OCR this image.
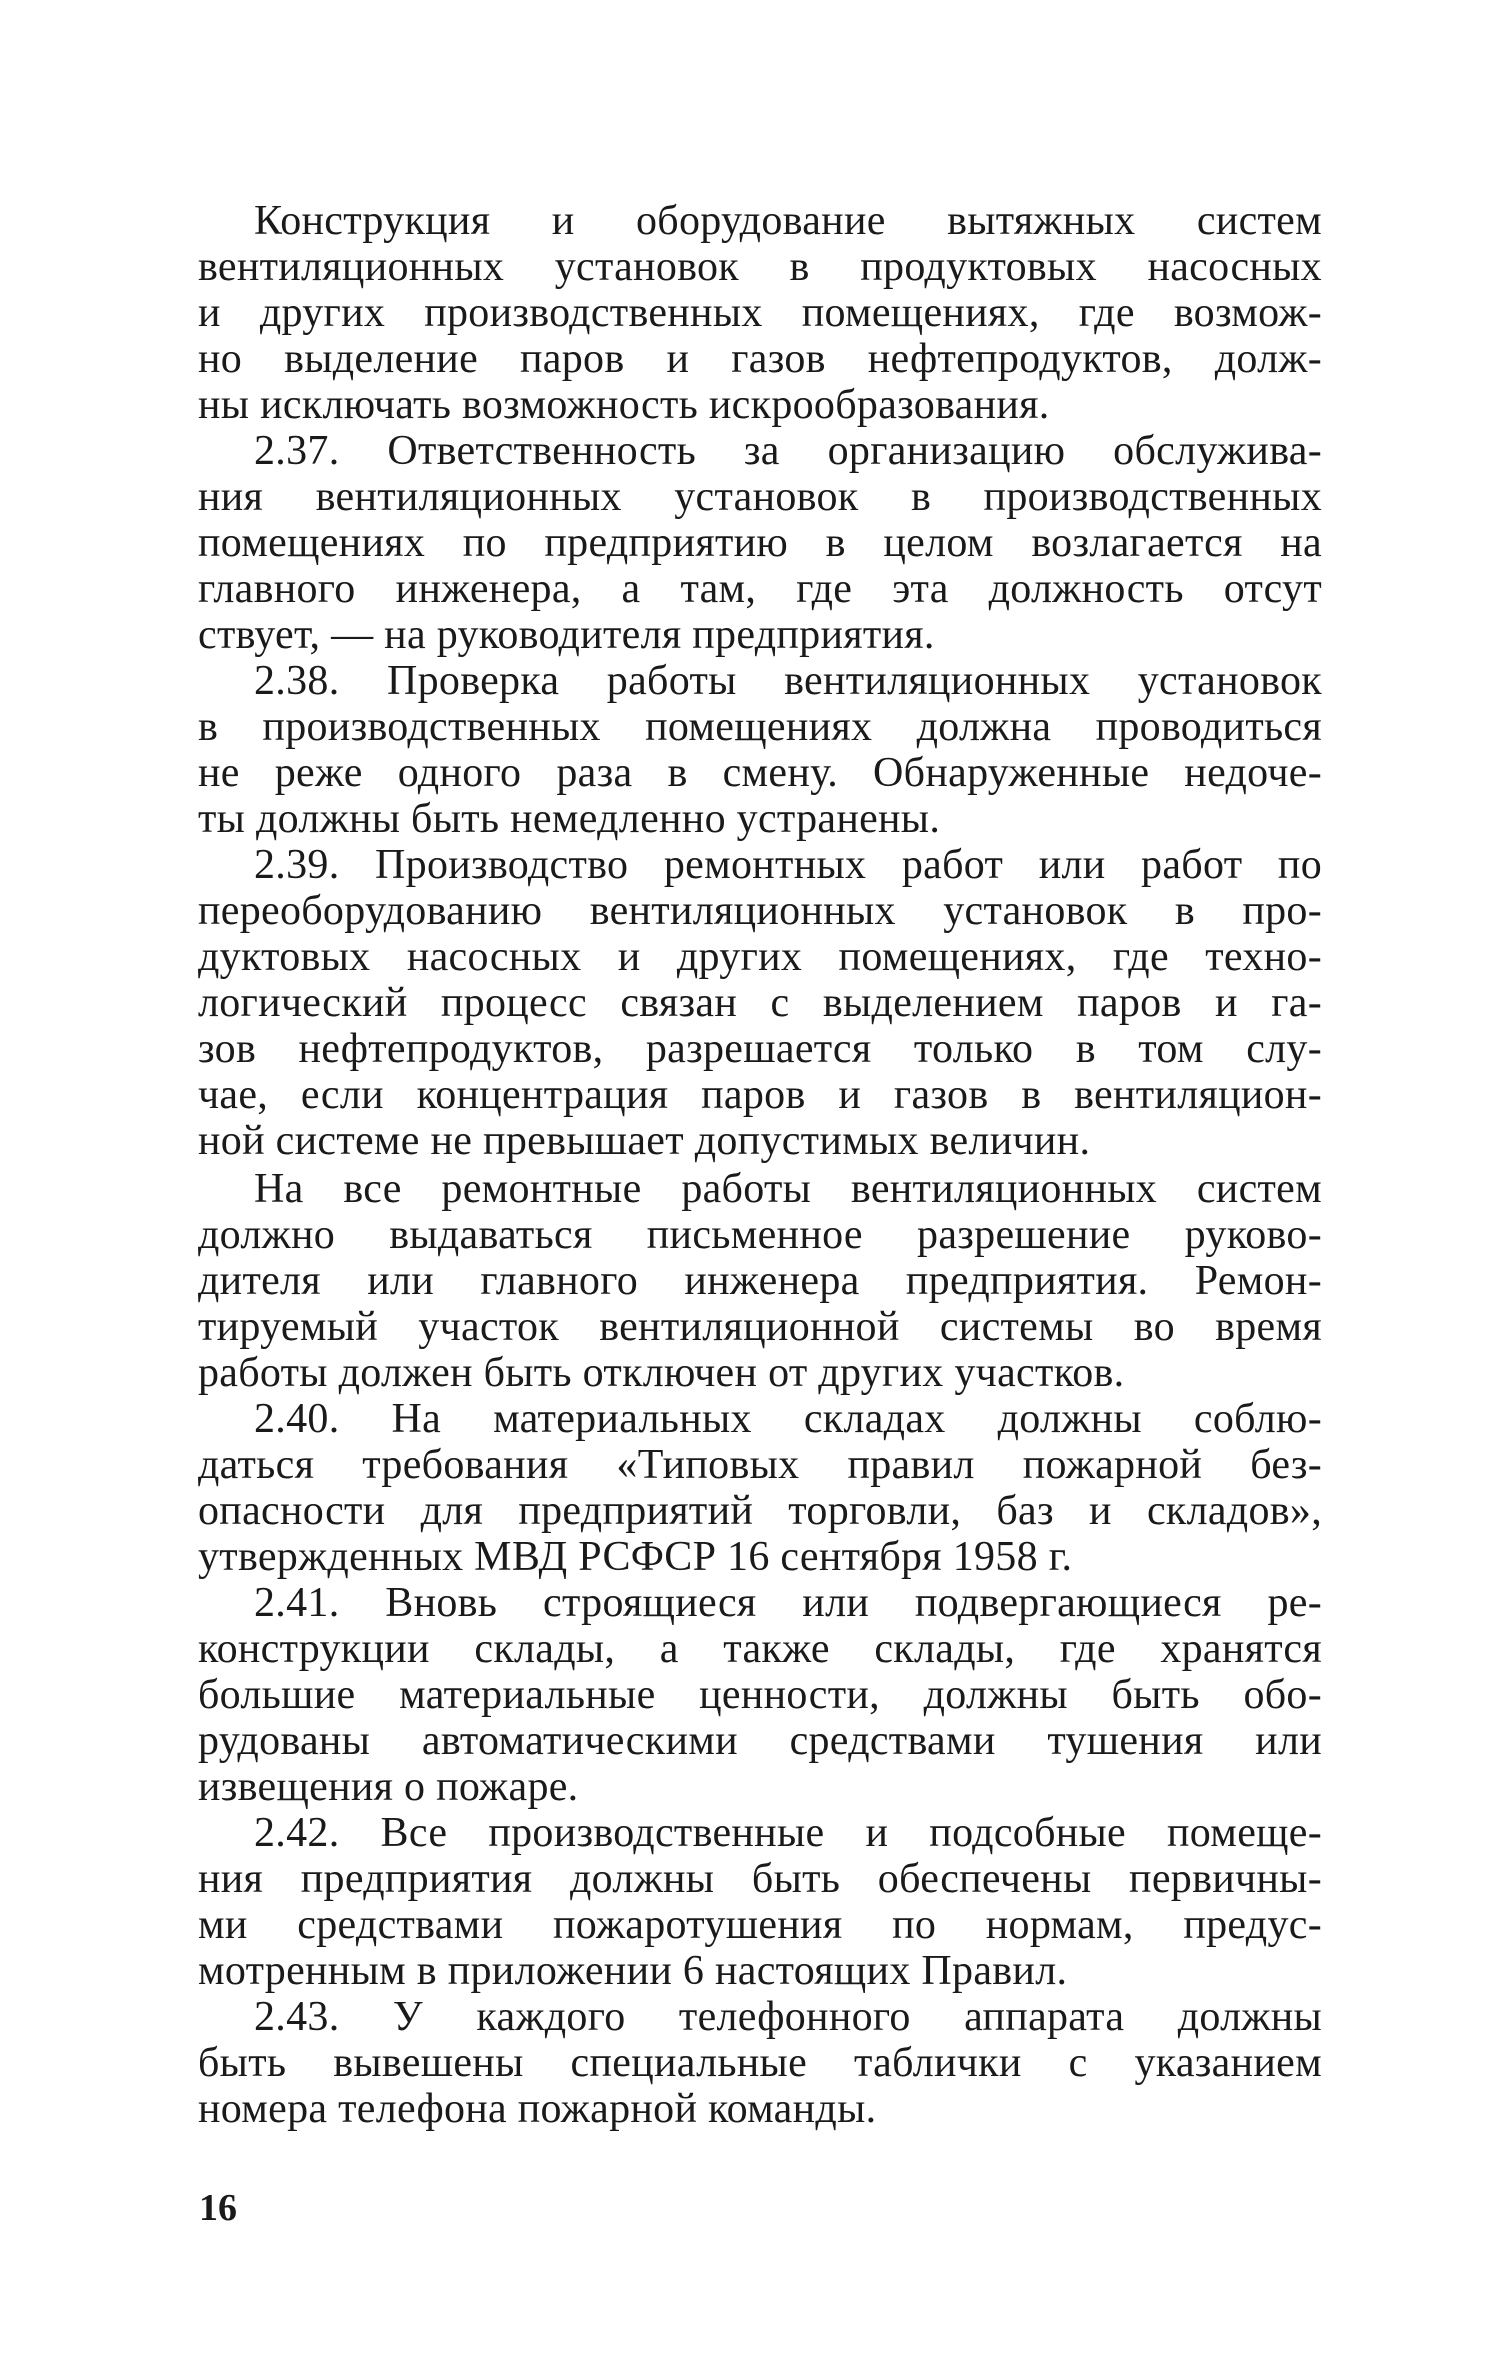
Конструкция и оборудование вытяжных систем
вентиляционных установок в продуктовых насосных
и других производственных помещениях, где возмож-
но выделение паров и газов нефтепродуктов, долж-
ны исключать возможность искрообразования.
2.37. Ответственность за организацию обслужива-
ния вентиляционных установок в производственных
помещениях по предприятию в целом возлагается на
главного инженера, а там, где эта должность отсут
ствует, — на руководителя предприятия.
2.38. Проверка работы вентиляционных установок
в производственных помещениях должна проводиться
не реже одного раза в смену. Обнаруженные недоче-
ты должны быть немедленно устранены.
2.39. Производство ремонтных работ или работ по
переоборудованию вентиляционных установок в про-
дуктовых насосных и других помещениях, где техно-
логический процесс связан с выделением паров и га-
зов нефтепродуктов, разрешается только в том слу-
чае, если концентрация паров и газов в вентиляцион-
ной системе не превышает допустимых величин.
На все ремонтные работы вентиляционных систем
должно выдаваться письменное разрешение руково-
дителя или главного инженера предприятия. Ремон-
тируемый участок вентиляционной системы во время
работы должен быть отключен от других участков.
2.40. На материальных складах должны соблю-
даться требования «Типовых правил пожарной без-
опасности для предприятий торговли, баз и складов»,
утвержденных МВД РСФСР 16 сентября 1958 г.
2.41. Вновь строящиеся или подвергающиеся ре-
конструкции склады, а также склады, где хранятся
большие материальные ценности, должны быть обо-
рудованы автоматическими средствами тушения или
извещения о пожаре.
2.42. Все производственные и подсобные помеще-
ния предприятия должны быть обеспечены первичны-
ми средствами пожаротушения по нормам, предус-
мотренным в приложении 6 настоящих Правил.
2.43. У каждого телефонного аппарата должны
быть вывешены специальные таблички с указанием
номера телефона пожарной команды.
16
